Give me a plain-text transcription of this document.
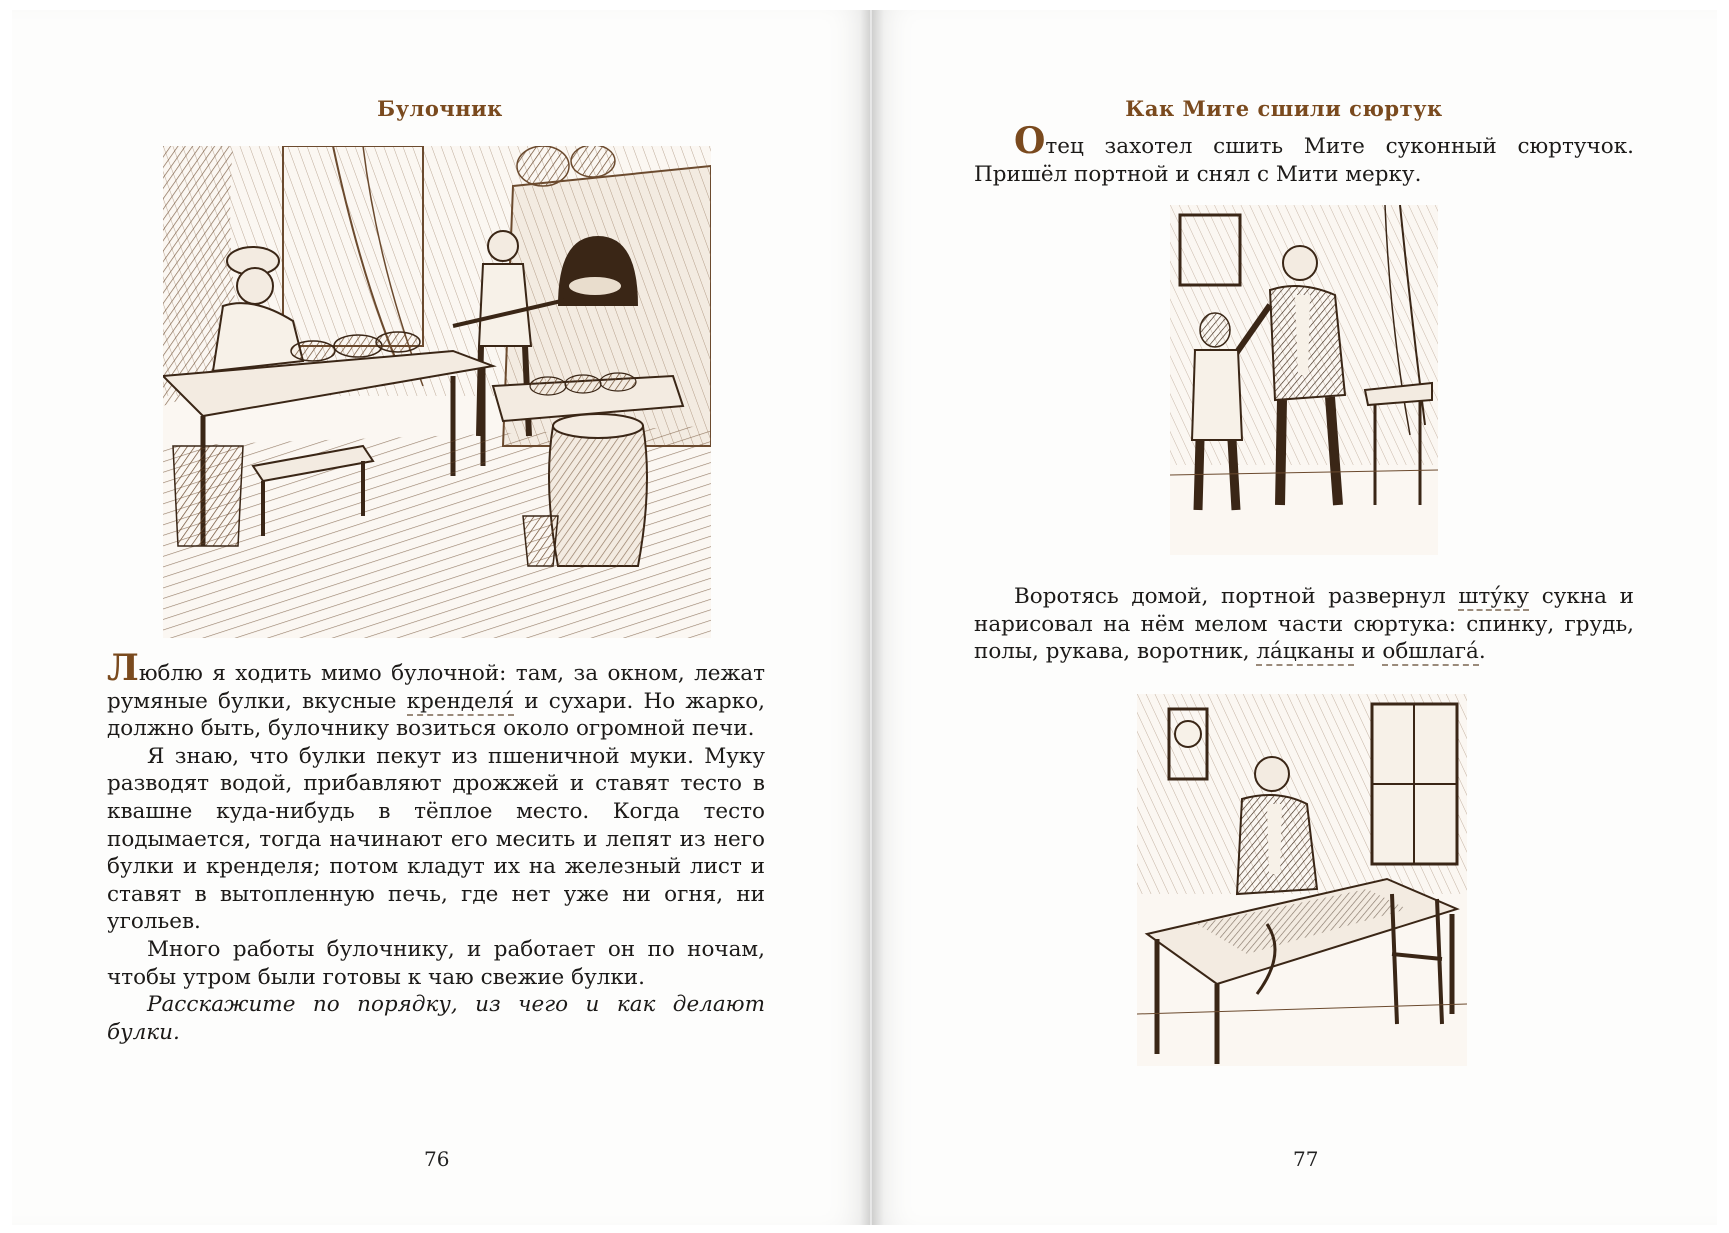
Булочник

Люблю я ходить мимо булочной: там, за окном, лежат румяные булки, вкусные кренделя́ и сухари. Но жарко, должно быть, булочнику возиться около огромной печи.

Я знаю, что булки пекут из пшеничной муки. Муку разводят водой, прибавляют дрожжей и ставят тесто в квашне куда-нибудь в тёплое место. Когда тесто подымается, тогда начинают его месить и лепят из него булки и кренделя; потом кладут их на железный лист и ставят в вытопленную печь, где нет уже ни огня, ни угольев.

Много работы булочнику, и работает он по ночам, чтобы утром были готовы к чаю свежие булки.

Расскажите по порядку, из чего и как делают булки.

76
Как Мите сшили сюртук

Отец захотел сшить Мите суконный сюртучок. Пришёл портной и снял с Мити мерку.

Воротясь домой, портной развернул шту́ку сукна и нарисовал на нём мелом части сюртука: спинку, грудь, полы, рукава, воротник, ла́цканы и обшлага́.

77
